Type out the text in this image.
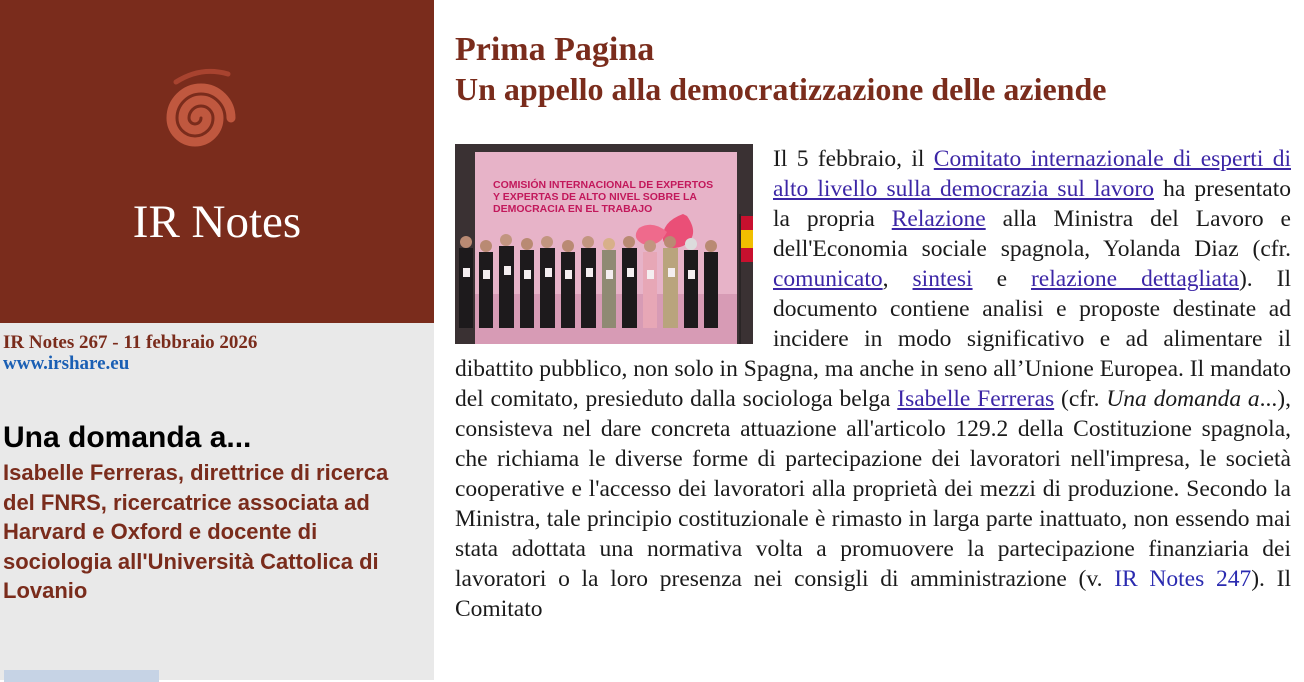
IR Notes
IR Notes 267 - 11 febbraio 2026
www.irshare.eu
Una domanda a...
Isabelle Ferreras, direttrice di ricerca del FNRS, ricercatrice associata ad Harvard e Oxford e docente di sociologia all'Università Cattolica di Lovanio
Prima Pagina
Un appello alla democratizzazione delle aziende

COMISIÓN INTERNACIONAL DE EXPERTOS
Y EXPERTAS DE ALTO NIVEL SOBRE LA
DEMOCRACIA EN EL TRABAJO
Il 5 febbraio, il Comitato internazionale di esperti di alto livello sulla democrazia sul lavoro ha presentato la propria Relazione alla Ministra del Lavoro e dell'Economia sociale spagnola, Yolanda Diaz (cfr. comunicato, sintesi e relazione dettagliata). Il documento contiene analisi e proposte destinate ad incidere in modo significativo e ad alimentare il dibattito pubblico, non solo in Spagna, ma anche in seno all’Unione Europea. Il mandato del comitato, presieduto dalla sociologa belga Isabelle Ferreras (cfr. Una domanda a...), consisteva nel dare concreta attuazione all'articolo 129.2 della Costituzione spagnola, che richiama le diverse forme di partecipazione dei lavoratori nell'impresa, le società cooperative e l'accesso dei lavoratori alla proprietà dei mezzi di produzione. Secondo la Ministra, tale principio costituzionale è rimasto in larga parte inattuato, non essendo mai stata adottata una normativa volta a promuovere la partecipazione finanziaria dei lavoratori o la loro presenza nei consigli di amministrazione (v. IR Notes 247). Il Comitato
